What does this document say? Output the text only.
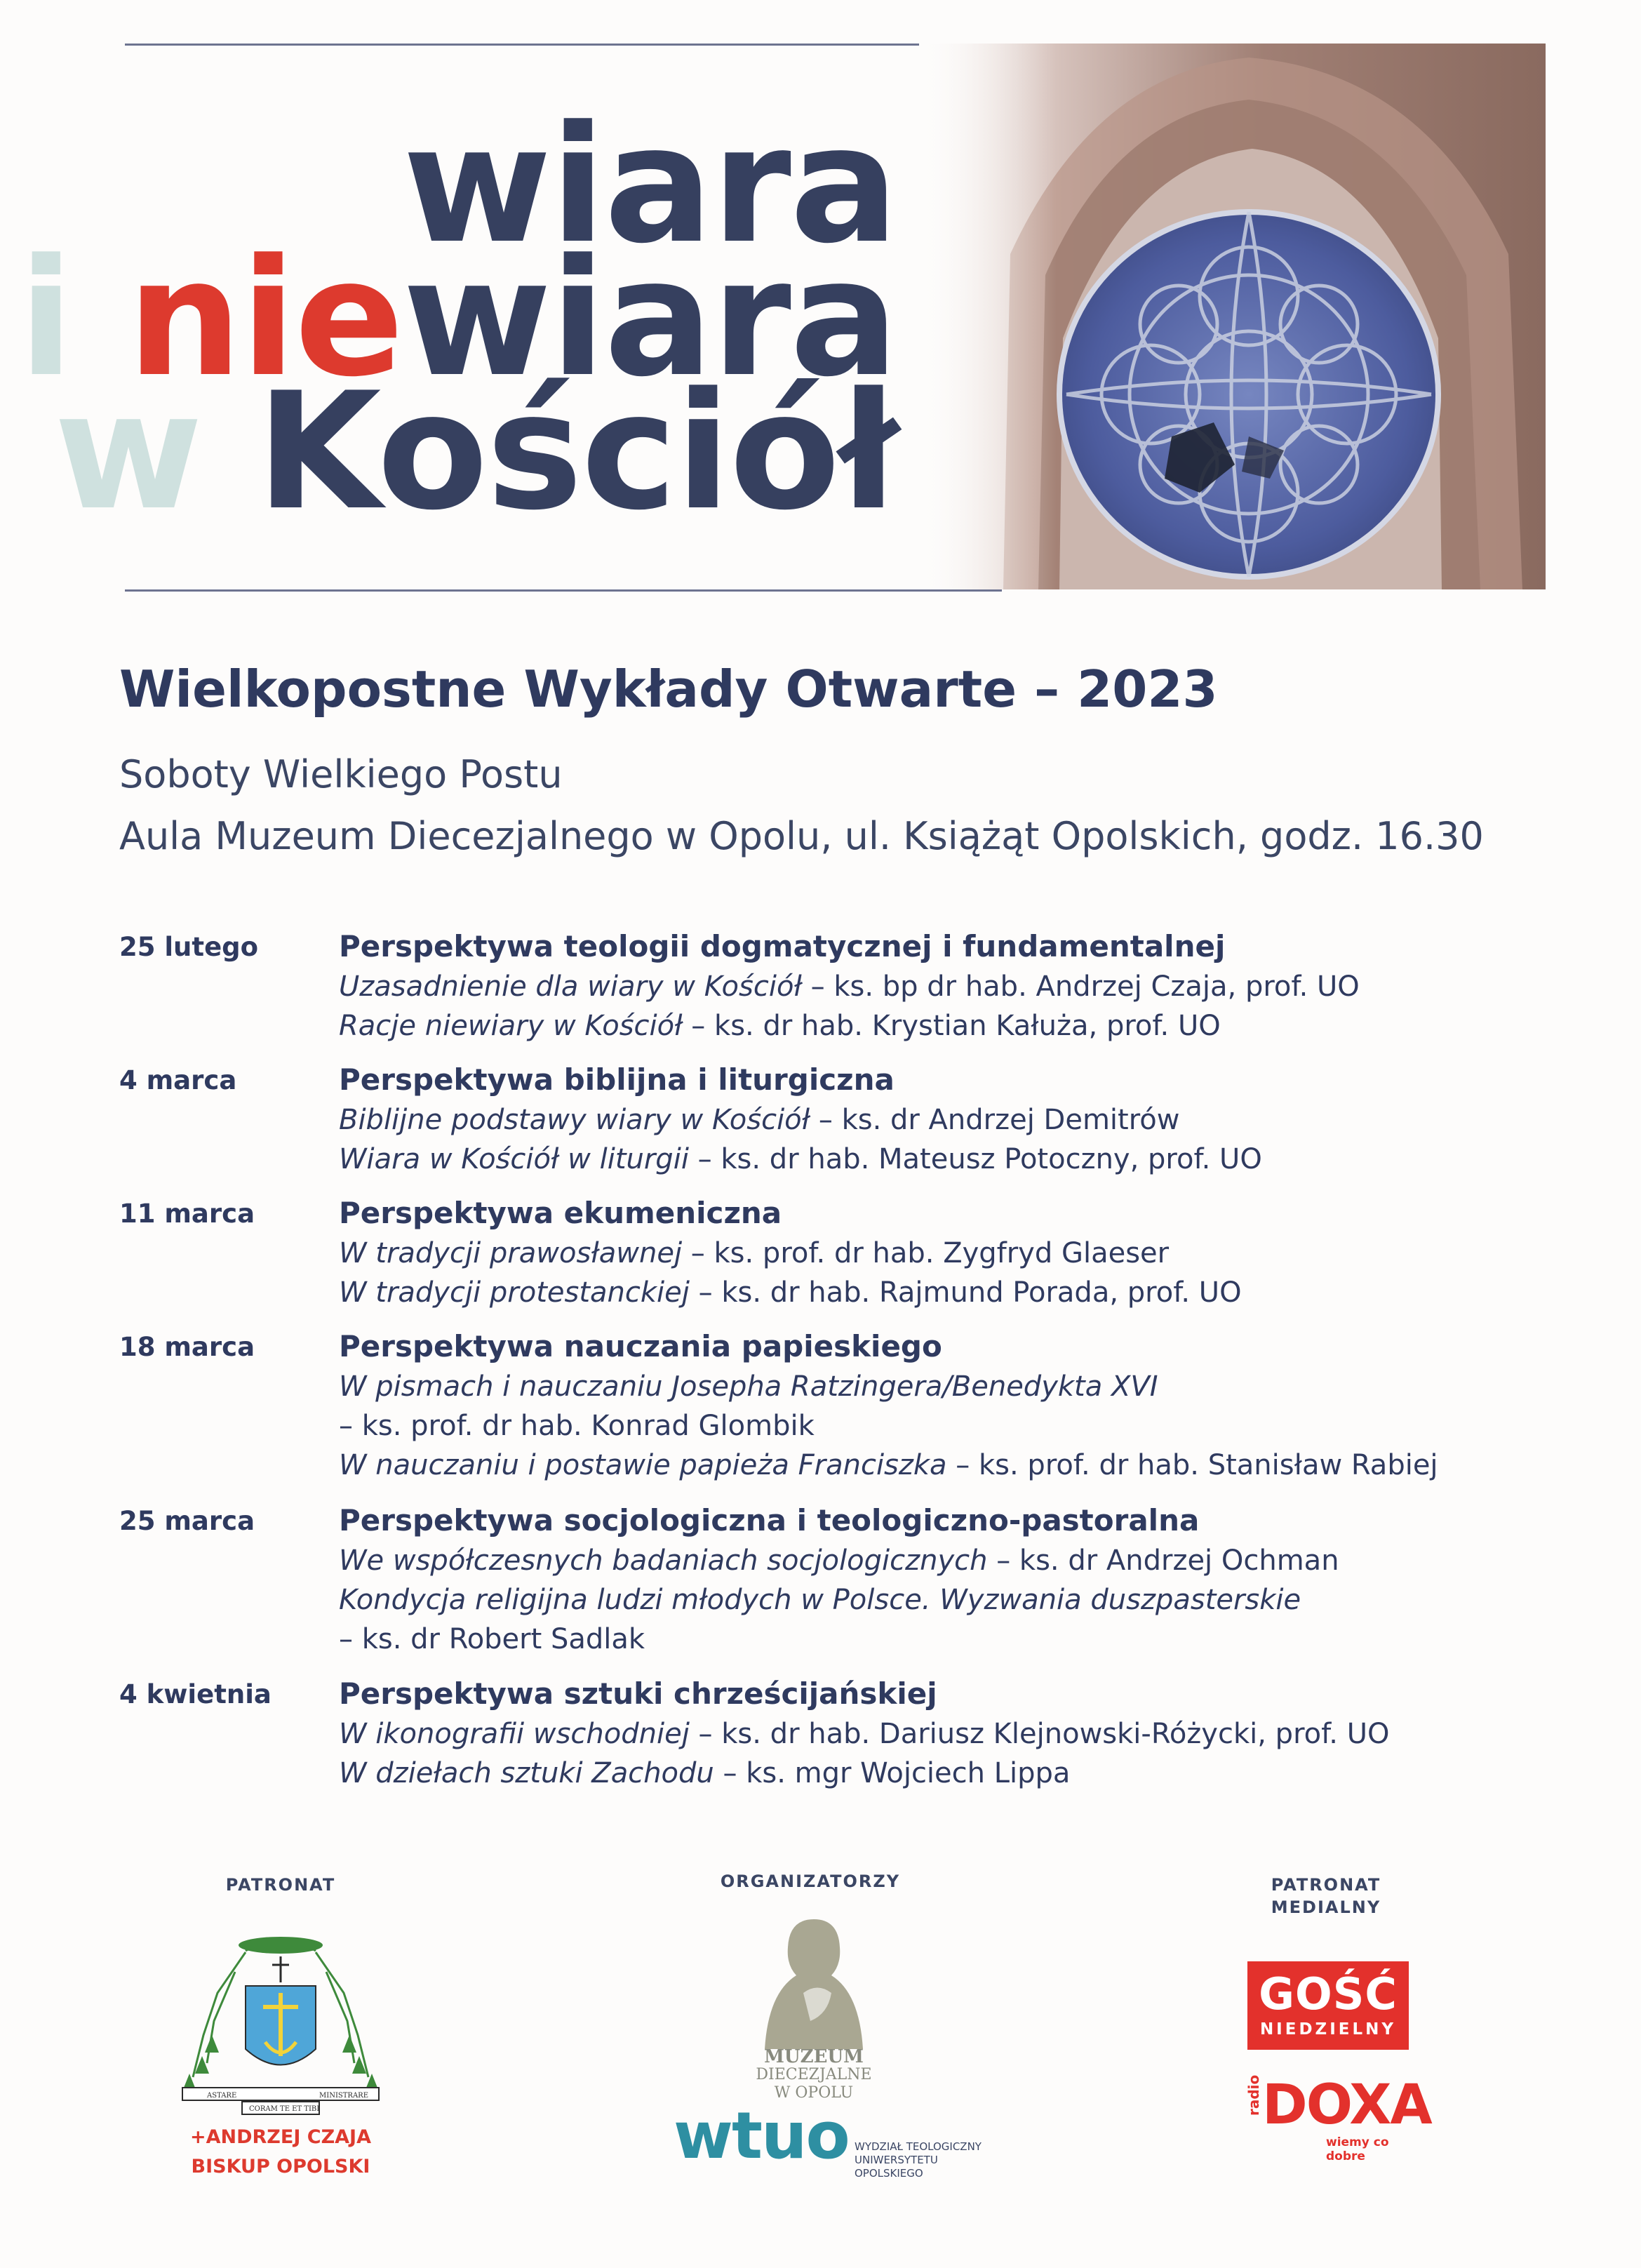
wiara
i niewiara
w Kościół
Wielkopostne Wykłady Otwarte – 2023
Soboty Wielkiego Postu
Aula Muzeum Diecezjalnego w Opolu, ul. Książąt Opolskich, godz. 16.30
25 lutego	Perspektywa teologii dogmatycznej i fundamentalnej
Uzasadnienie dla wiary w Kościół – ks. bp dr hab. Andrzej Czaja, prof. UO
Racje niewiary w Kościół – ks. dr hab. Krystian Kałuża, prof. UO
4 marca	Perspektywa biblijna i liturgiczna
Biblijne podstawy wiary w Kościół – ks. dr Andrzej Demitrów
Wiara w Kościół w liturgii – ks. dr hab. Mateusz Potoczny, prof. UO
11 marca	Perspektywa ekumeniczna
W tradycji prawosławnej – ks. prof. dr hab. Zygfryd Glaeser
W tradycji protestanckiej – ks. dr hab. Rajmund Porada, prof. UO
18 marca	Perspektywa nauczania papieskiego
W pismach i nauczaniu Josepha Ratzingera/Benedykta XVI
– ks. prof. dr hab. Konrad Glombik
W nauczaniu i postawie papieża Franciszka – ks. prof. dr hab. Stanisław Rabiej
25 marca	Perspektywa socjologiczna i teologiczno-pastoralna
We współczesnych badaniach socjologicznych – ks. dr Andrzej Ochman
Kondycja religijna ludzi młodych w Polsce. Wyzwania duszpasterskie
– ks. dr Robert Sadlak
4 kwietnia Perspektywa sztuki chrześcijańskiej
W ikonografii wschodniej – ks. dr hab. Dariusz Klejnowski-Różycki, prof. UO
W dziełach sztuki Zachodu – ks. mgr Wojciech Lippa
PATRONAT	ORGANIZATORZY	PATRONAT
MEDIALNY
ASTARE	MINISTRARE
CORAM TE ET TIBI
+ANDRZEJ CZAJA
BISKUP OPOLSKI
MUZEUM
DIECEZJALNE
W OPOLU
wtuo WYDZIAŁ TEOLOGICZNY
UNIWERSYTETU
OPOLSKIEGO
GOŚĆ
NIEDZIELNY
radio DOXA
wiemy co dobre
